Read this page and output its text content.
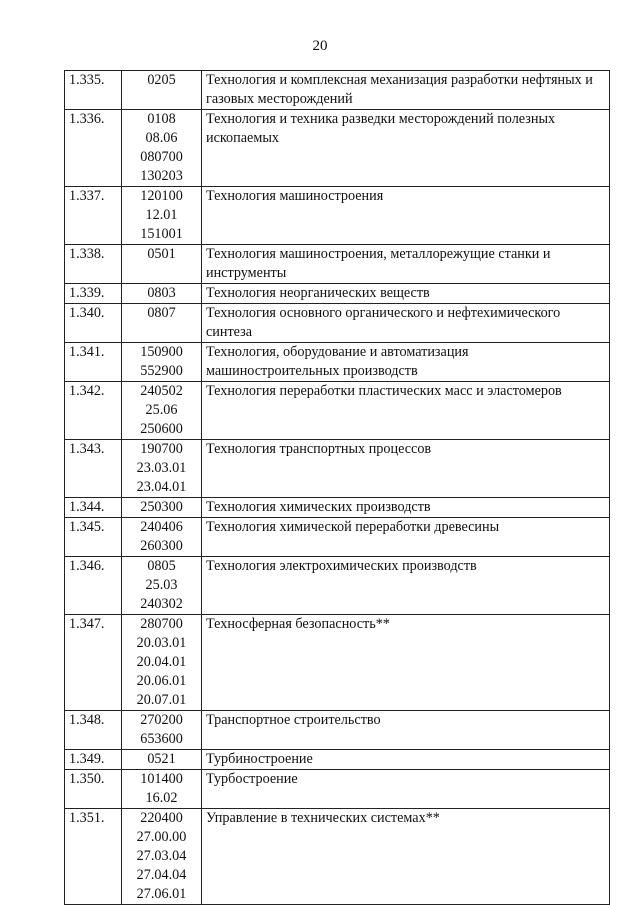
20
1.335.	0205	Технология и комплексная механизация разработки нефтяных и газовых месторождений
1.336.	0108
08.06
080700
130203	Технология и техника разведки месторождений полезных ископаемых
1.337.	120100
12.01
151001	Технология машиностроения
1.338.	0501	Технология машиностроения, металлорежущие станки и инструменты
1.339.	0803	Технология неорганических веществ
1.340.	0807	Технология основного органического и нефтехимического синтеза
1.341.	150900
552900	Технология, оборудование и автоматизация машиностроительных производств
1.342.	240502
25.06
250600	Технология переработки пластических масс и эластомеров
1.343.	190700
23.03.01
23.04.01	Технология транспортных процессов
1.344.	250300	Технология химических производств
1.345.	240406
260300	Технология химической переработки древесины
1.346.	0805
25.03
240302	Технология электрохимических производств
1.347.	280700
20.03.01
20.04.01
20.06.01
20.07.01	Техносферная безопасность**
1.348.	270200
653600	Транспортное строительство
1.349.	0521	Турбиностроение
1.350.	101400
16.02	Турбостроение
1.351.	220400
27.00.00
27.03.04
27.04.04
27.06.01	Управление в технических системах**
